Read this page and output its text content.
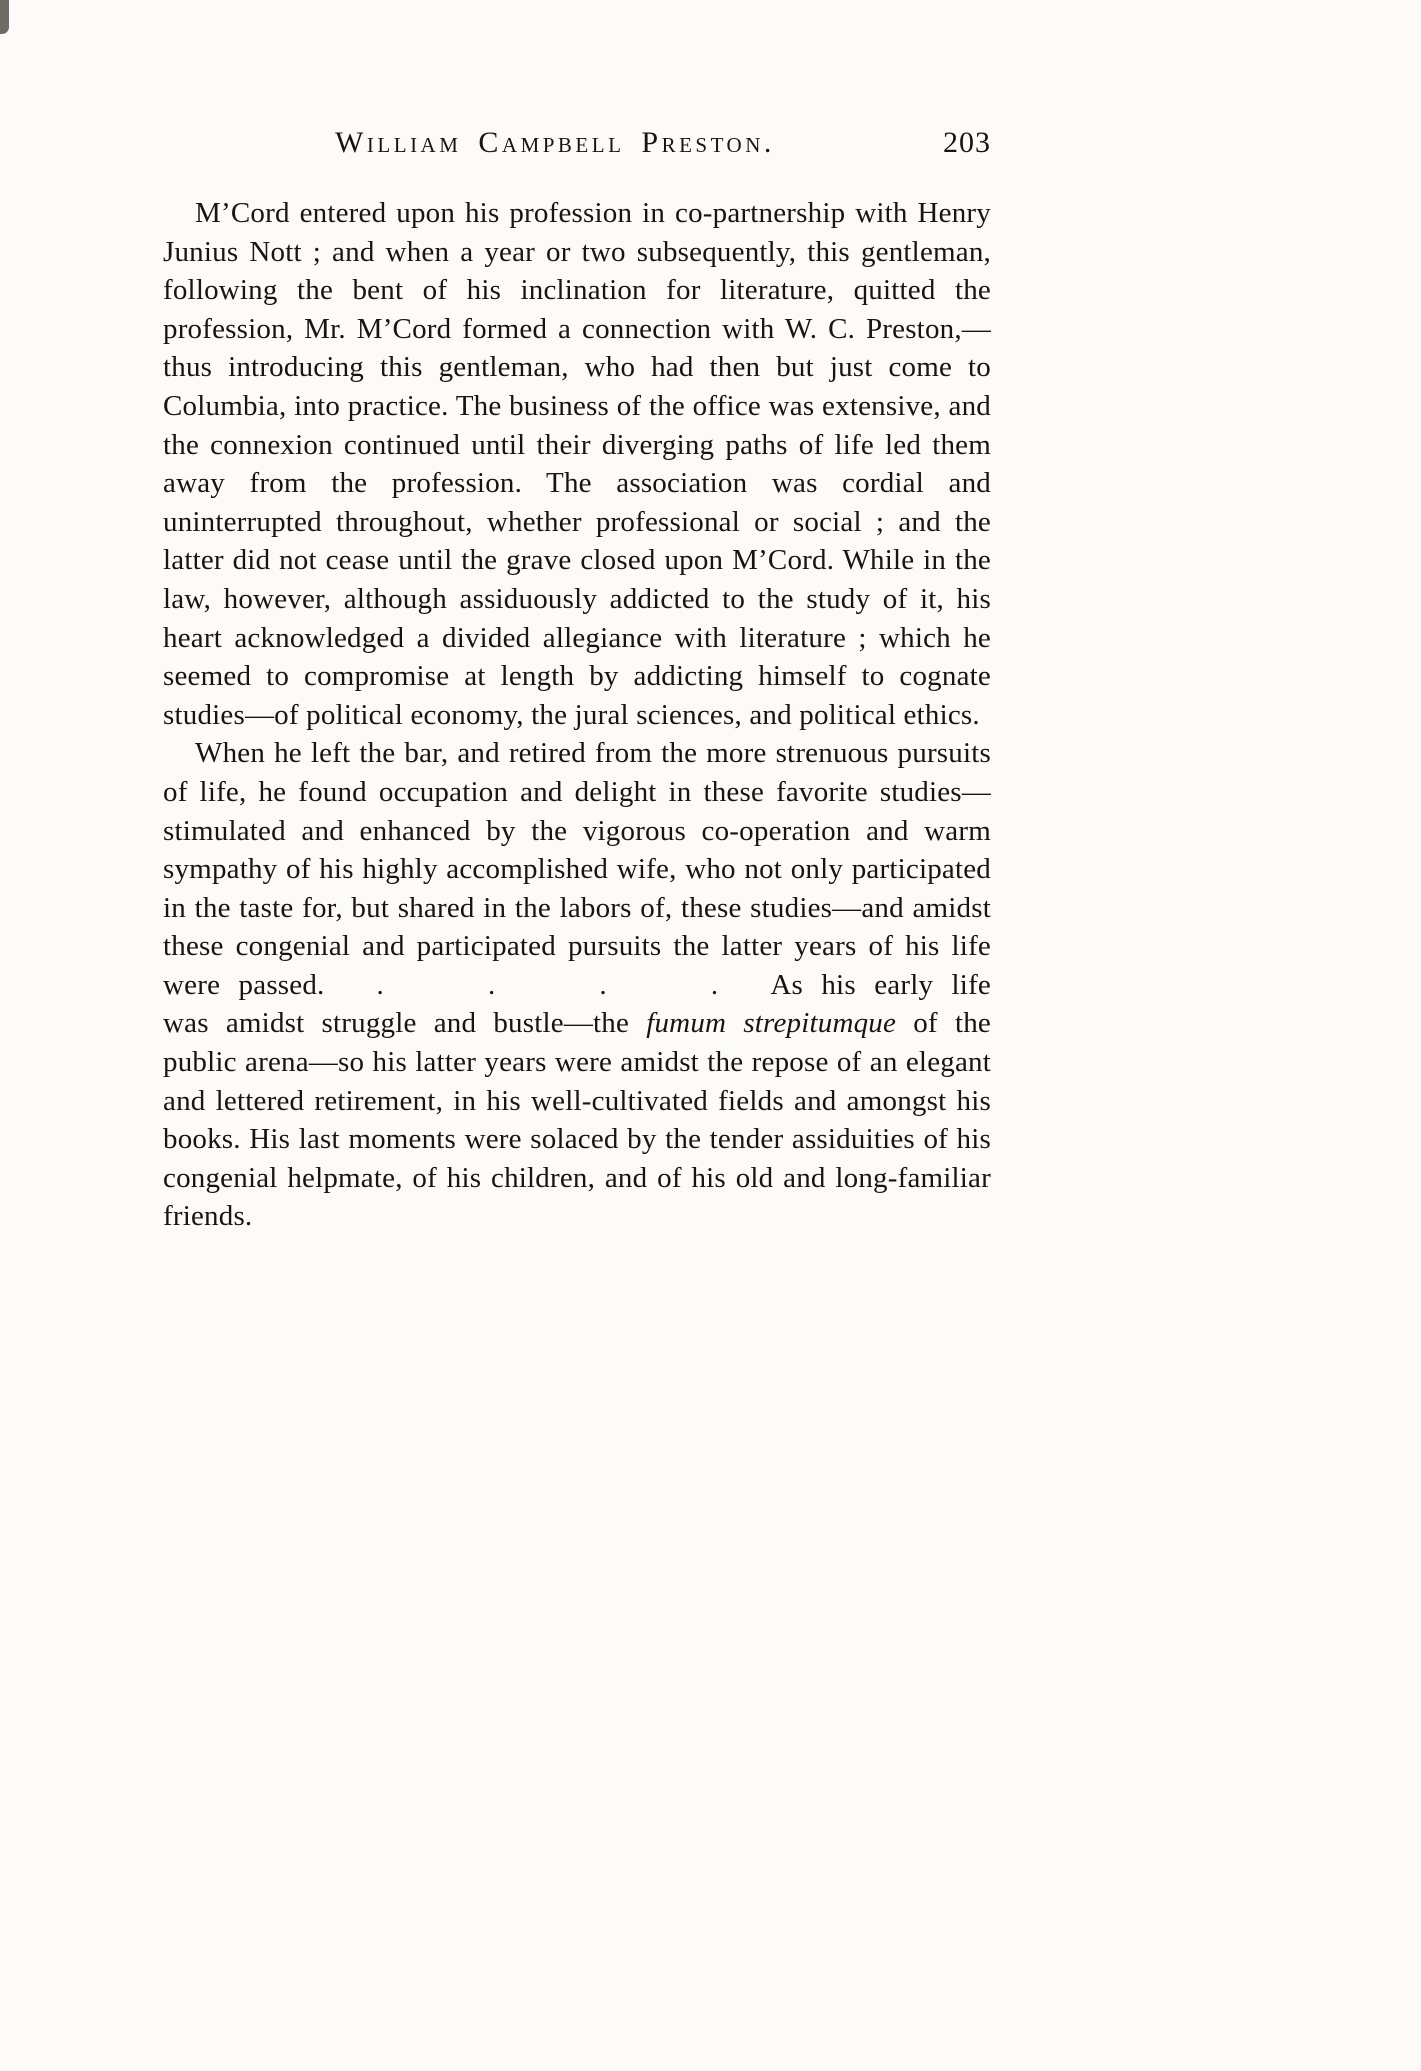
William Campbell Preston.	203

M’Cord entered upon his profession in co-partnership with Henry Junius Nott ; and when a year or two subsequently, this gentleman, following the bent of his inclination for literature, quitted the profession, Mr. M’Cord formed a connection with W. C. Preston,—thus introducing this gentleman, who had then but just come to Columbia, into practice. The business of the office was extensive, and the connexion continued until their diverging paths of life led them away from the profession. The association was cordial and uninterrupted throughout, whether professional or social ; and the latter did not cease until the grave closed upon M’Cord. While in the law, however, although assiduously addicted to the study of it, his heart acknowledged a divided allegiance with literature ; which he seemed to compromise at length by addicting himself to cognate studies—of political economy, the jural sciences, and political ethics.

When he left the bar, and retired from the more strenuous pursuits of life, he found occupation and delight in these favorite studies—stimulated and enhanced by the vigorous co-operation and warm sympathy of his highly accomplished wife, who not only participated in the taste for, but shared in the labors of, these studies—and amidst these congenial and participated pursuits the latter years of his life were passed. .	.	.	. As his early life was amidst struggle and bustle—the fumum strepitumque of the public arena—so his latter years were amidst the repose of an elegant and lettered retirement, in his well-cultivated fields and amongst his books. His last moments were solaced by the tender assiduities of his congenial helpmate, of his children, and of his old and long-familiar friends.
